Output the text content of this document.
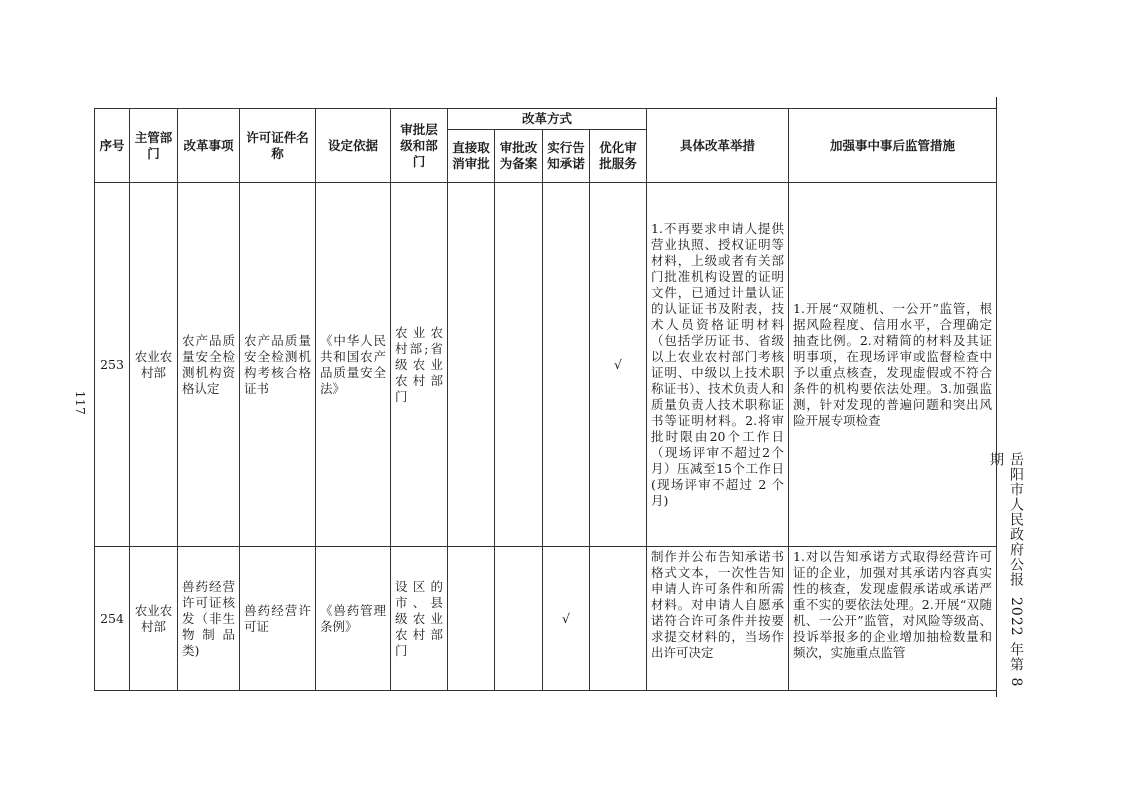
117
岳阳市人民政府公报2022 年第 8 期
序号	主管部门	改革事项	许可证件名称	设定依据	审批层级和部门	改革方式				具体改革举措	加强事中事后监管措施
						直接取消审批	审批改为备案	实行告知承诺	优化审批服务		
253	农业农村部	农产品质量安全检测机构资格认定	农产品质量安全检测机构考核合格证书	《中华人民共和国农产品质量安全法》	农业农村部;省级农业农村部门				√	1.不再要求申请人提供营业执照、授权证明等材料，上级或者有关部门批准机构设置的证明文件，已通过计量认证的认证证书及附表，技术人员资格证明材料（包括学历证书、省级以上农业农村部门考核证明、中级以上技术职称证书）、技术负责人和质量负责人技术职称证书等证明材料。2.将审批时限由20个工作日（现场评审不超过2个月）压减至15个工作日(现场评审不超过 2 个月)	1.开展“双随机、一公开”监管，根据风险程度、信用水平，合理确定抽查比例。2.对精简的材料及其证明事项，在现场评审或监督检查中予以重点核查，发现虚假或不符合条件的机构要依法处理。3.加强监测，针对发现的普遍问题和突出风险开展专项检查
254	农业农村部	兽药经营许可证核发（非生物制品类)	兽药经营许可证	《兽药管理条例》	设区的市、县级农业农村部门			√		制作并公布告知承诺书格式文本，一次性告知申请人许可条件和所需材料。对申请人自愿承诺符合许可条件并按要求提交材料的，当场作出许可决定	1.对以告知承诺方式取得经营许可证的企业，加强对其承诺内容真实性的核查，发现虚假承诺或承诺严重不实的要依法处理。2.开展“双随机、一公开”监管，对风险等级高、投诉举报多的企业增加抽检数量和频次，实施重点监管
